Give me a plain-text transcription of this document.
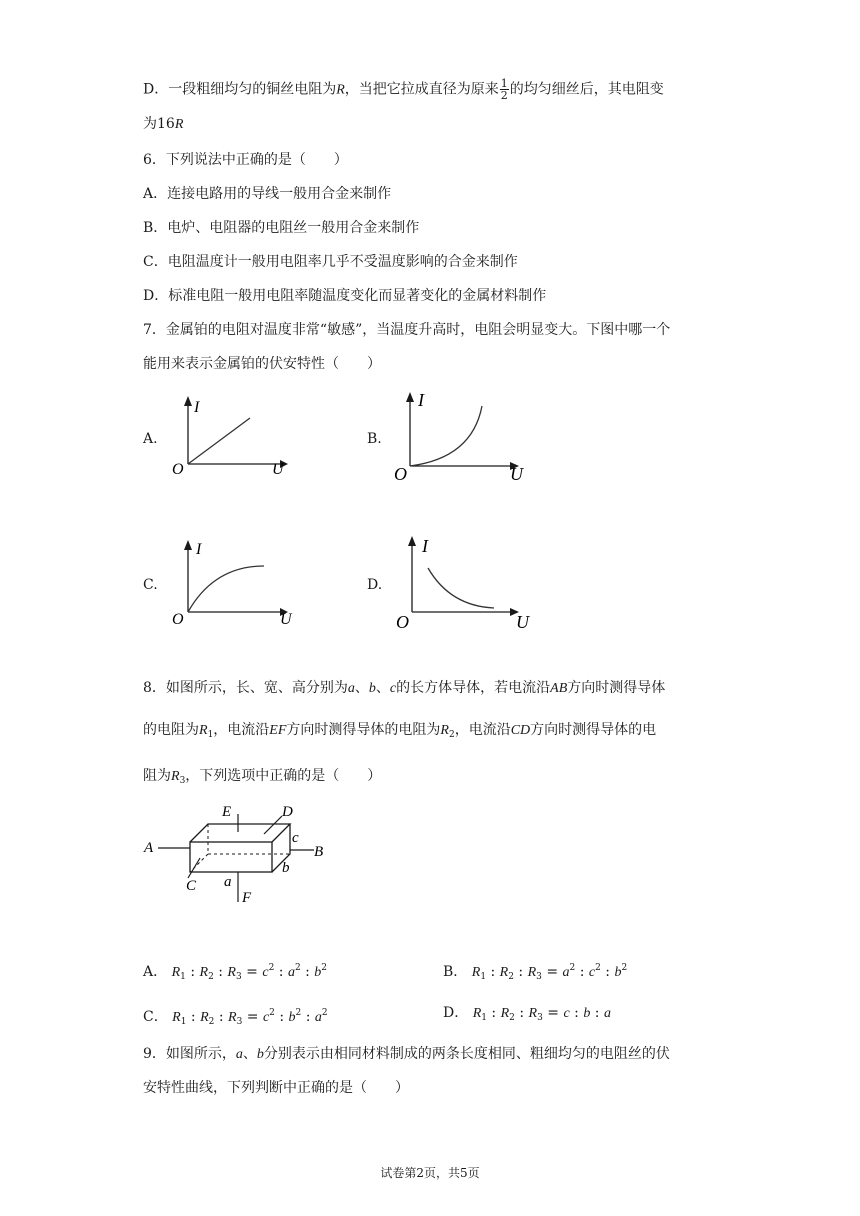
D．一段粗细均匀的铜丝电阻为R，当把它拉成直径为原来 $\frac{1}{2}$ 的均匀细丝后，其电阻变
为16R
6．下列说法中正确的是（　　）
A．连接电路用的导线一般用合金来制作
B．电炉、电阻器的电阻丝一般用合金来制作
C．电阻温度计一般用电阻率几乎不受温度影响的合金来制作
D．标准电阻一般用电阻率随温度变化而显著变化的金属材料制作
7．金属铂的电阻对温度非常“敏感”，当温度升高时，电阻会明显变大。下图中哪一个
能用来表示金属铂的伏安特性（　　）
A.
I
O	U
B.
I
O	U
C.
I
O	U
D.
I
O	U
8．如图所示，长、宽、高分别为a、b、c的长方体导体，若电流沿AB方向时测得导体
的电阻为$R_1$，电流沿EF方向时测得导体的电阻为$R_2$，电流沿CD方向时测得导体的电
阻为$R_3$，下列选项中正确的是（　　）
A	B
C
D
E
F
a
b
c
A． $R_1$ : $R_2$ : $R_3 = c^2$ : $a^2$ : $b^2$	B． $R_1$ : $R_2$ : $R_3 = a^2$ : $c^2$ : $b^2$
C． $R_1$ : $R_2$ : $R_3 = c^2$ : $b^2$ : $a^2$	D． $R_1$ : $R_2$ : $R_3 = c$ : b : a
9．如图所示，a、b分别表示由相同材料制成的两条长度相同、粗细均匀的电阻丝的伏
安特性曲线，下列判断中正确的是（　　）
试卷第2页，共5页
